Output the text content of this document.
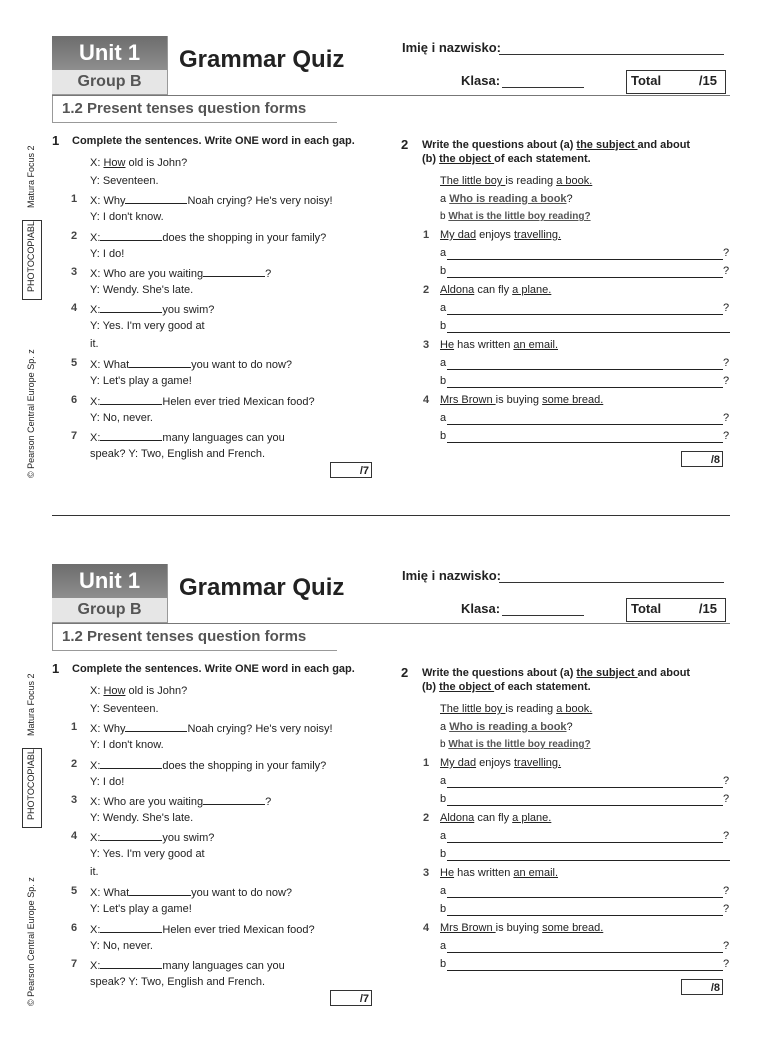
Unit 1
Group B
Grammar Quiz	Imię i nazwisko:
Klasa:	Total	/15
1.2 Present tenses question forms
Matura Focus 2
PHOTOCOPIABL
© Pearson Central Europe Sp. z
1 Complete the sentences. Write ONE word in each gap.
X: How old is John?
Y: Seventeen.
1 X: Why	Noah crying? He's very noisy!
Y: I don't know.
2 X:	does the shopping in your family?
Y: I do!
3 X: Who are you waiting	?
Y: Wendy. She's late.
4 X:	you swim?
Y: Yes. I'm very good at
it.
5 X: What	you want to do now?
Y: Let's play a game!
6 X:	Helen ever tried Mexican food?
Y: No, never.
7 X:	many languages can you
speak? Y: Two, English and French.
/7
2 Write the questions about (a) the subject and about
(b) the object of each statement.
The little boy is reading a book.
a Who is reading a book?
b What is the little boy reading?
1 My dad enjoys travelling.
a	?
b	?
2 Aldona can fly a plane.
a	?
b
3 He has written an email.
a	?
b	?
4 Mrs Brown is buying some bread.
a	?
b	?
/8
Unit 1
Group B
Grammar Quiz	Imię i nazwisko:
Klasa:	Total	/15
1.2 Present tenses question forms
Matura Focus 2
PHOTOCOPIABL
© Pearson Central Europe Sp. z
1 Complete the sentences. Write ONE word in each gap.
X: How old is John?
Y: Seventeen.
1 X: Why	Noah crying? He's very noisy!
Y: I don't know.
2 X:	does the shopping in your family?
Y: I do!
3 X: Who are you waiting	?
Y: Wendy. She's late.
4 X:	you swim?
Y: Yes. I'm very good at
it.
5 X: What	you want to do now?
Y: Let's play a game!
6 X:	Helen ever tried Mexican food?
Y: No, never.
7 X:	many languages can you
speak? Y: Two, English and French.
/7
2 Write the questions about (a) the subject and about
(b) the object of each statement.
The little boy is reading a book.
a Who is reading a book?
b What is the little boy reading?
1 My dad enjoys travelling.
a	?
b	?
2 Aldona can fly a plane.
a	?
b
3 He has written an email.
a	?
b	?
4 Mrs Brown is buying some bread.
a	?
b	?
/8
